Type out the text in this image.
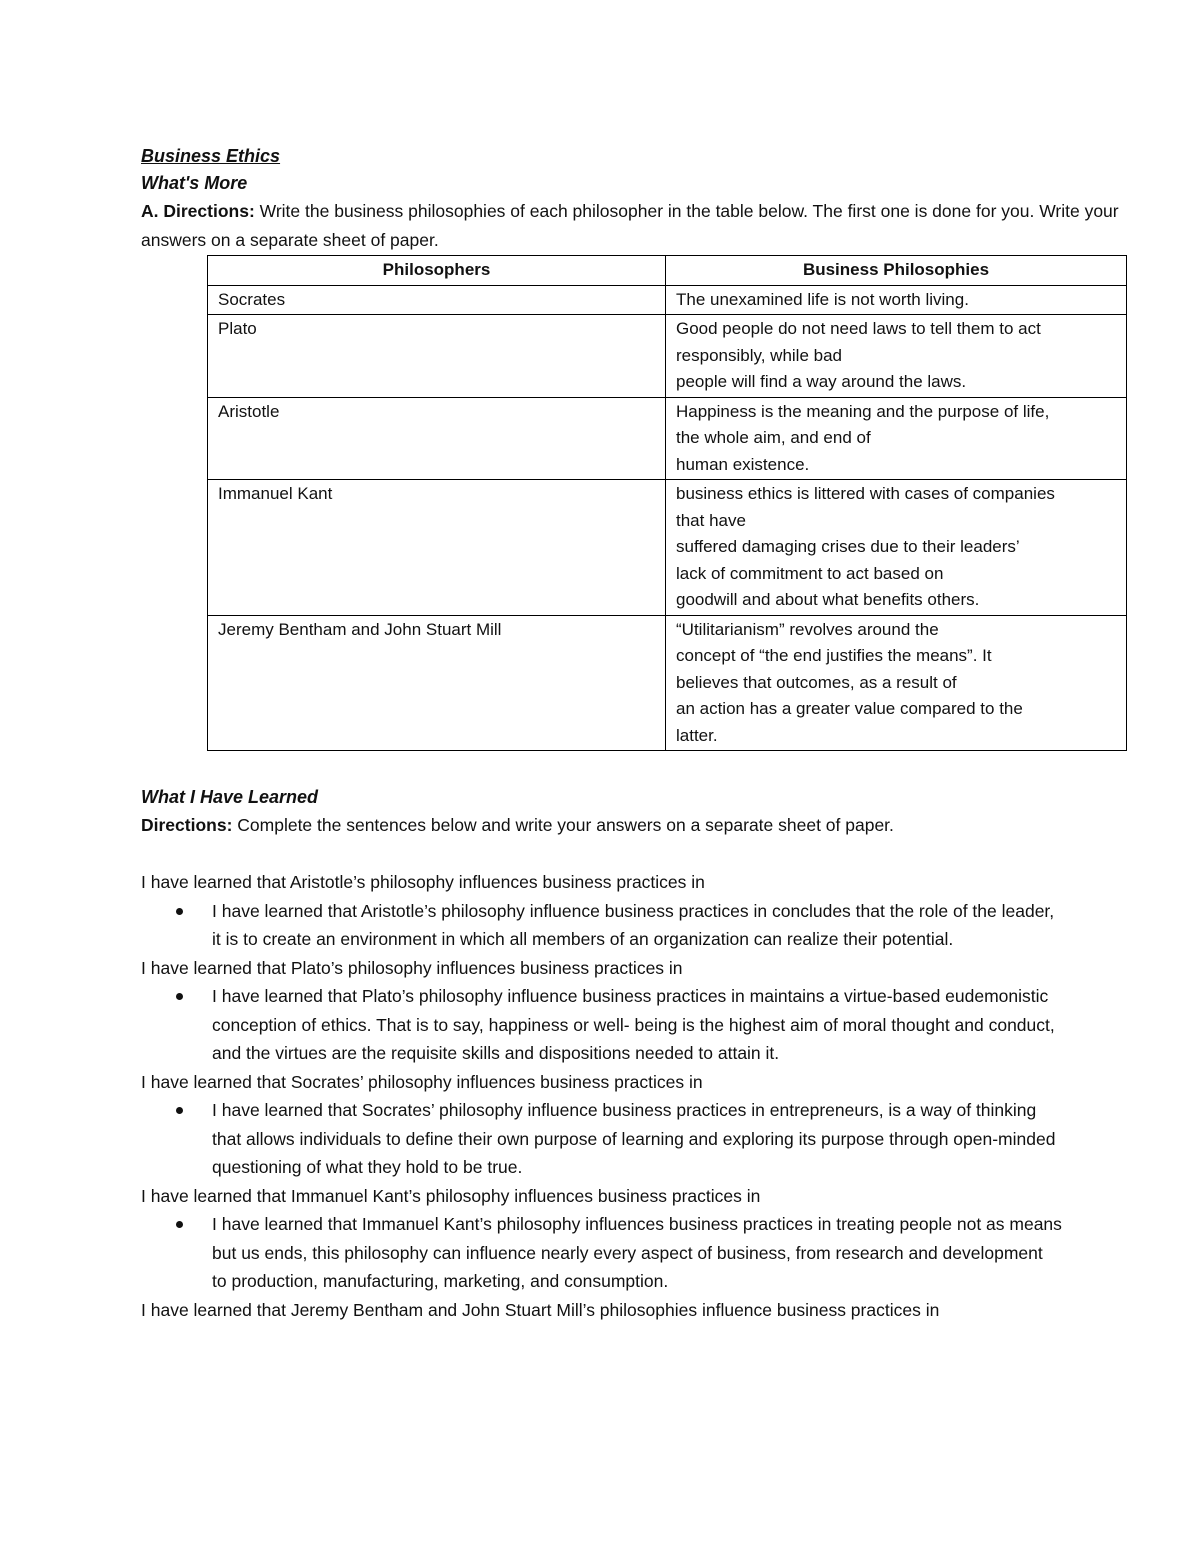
Business Ethics
What's More
A. Directions: Write the business philosophies of each philosopher in the table below. The first one is done for you. Write your answers on a separate sheet of paper.
Philosophers	Business Philosophies
Socrates	The unexamined life is not worth living.

Plato	Good people do not need laws to tell them to act
responsibly, while bad
people will find a way around the laws.

Aristotle	Happiness is the meaning and the purpose of life,
the whole aim, and end of
human existence.

Immanuel Kant	business ethics is littered with cases of companies
that have
suffered damaging crises due to their leaders’
lack of commitment to act based on
goodwill and about what benefits others.

Jeremy Bentham and John Stuart Mill	“Utilitarianism” revolves around the
concept of “the end justifies the means”. It
believes that outcomes, as a result of
an action has a greater value compared to the
latter.
What I Have Learned
Directions: Complete the sentences below and write your answers on a separate sheet of paper.
I have learned that Aristotle’s philosophy influences business practices in
I have learned that Aristotle’s philosophy influence business practices in concludes that the role of the leader, it is to create an environment in which all members of an organization can realize their potential.
I have learned that Plato’s philosophy influences business practices in
I have learned that Plato’s philosophy influence business practices in maintains a virtue-based eudemonistic conception of ethics. That is to say, happiness or well- being is the highest aim of moral thought and conduct, and the virtues are the requisite skills and dispositions needed to attain it.
I have learned that Socrates’ philosophy influences business practices in
I have learned that Socrates’ philosophy influence business practices in entrepreneurs, is a way of thinking that allows individuals to define their own purpose of learning and exploring its purpose through open-minded questioning of what they hold to be true.
I have learned that Immanuel Kant’s philosophy influences business practices in
I have learned that Immanuel Kant’s philosophy influences business practices in treating people not as means but us ends, this philosophy can influence nearly every aspect of business, from research and development to production, manufacturing, marketing, and consumption.
I have learned that Jeremy Bentham and John Stuart Mill’s philosophies influence business practices in
